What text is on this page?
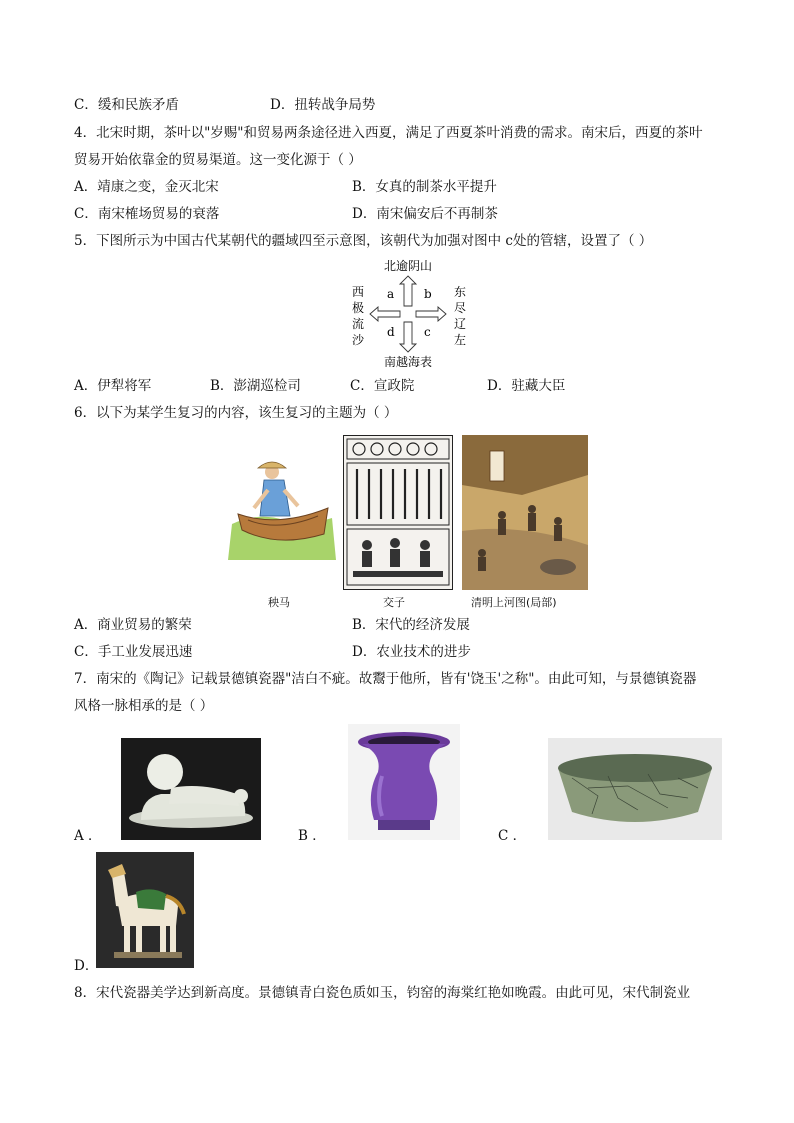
C．缓和民族矛盾	D．扭转战争局势
4．北宋时期，茶叶以"岁赐"和贸易两条途径进入西夏，满足了西夏茶叶消费的需求。南宋后，西夏的茶叶
贸易开始依靠金的贸易渠道。这一变化源于（ ）
A．靖康之变，金灭北宋	B．女真的制茶水平提升
C．南宋榷场贸易的衰落	D．南宋偏安后不再制茶
5．下图所示为中国古代某朝代的疆域四至示意图，该朝代为加强对图中 c处的管辖，设置了（ ）
北逾阴山
南越海表
西
极
流
沙
东
尽
辽
左
a b
d c
A．伊犁将军	B．澎湖巡检司	C．宣政院	D．驻藏大臣
6．以下为某学生复习的内容，该生复习的主题为（ ）
秧马	交子	清明上河图(局部)
A．商业贸易的繁荣	B．宋代的经济发展
C．手工业发展迅速	D．农业技术的进步
7．南宋的《陶记》记载景德镇瓷器"洁白不疵。故鬻于他所，皆有'饶玉'之称"。由此可知，与景德镇瓷器
风格一脉相承的是（ ）
A ．	B ．	C ．
D．
8．宋代瓷器美学达到新高度。景德镇青白瓷色质如玉，钧窑的海棠红艳如晚霞。由此可见，宋代制瓷业
